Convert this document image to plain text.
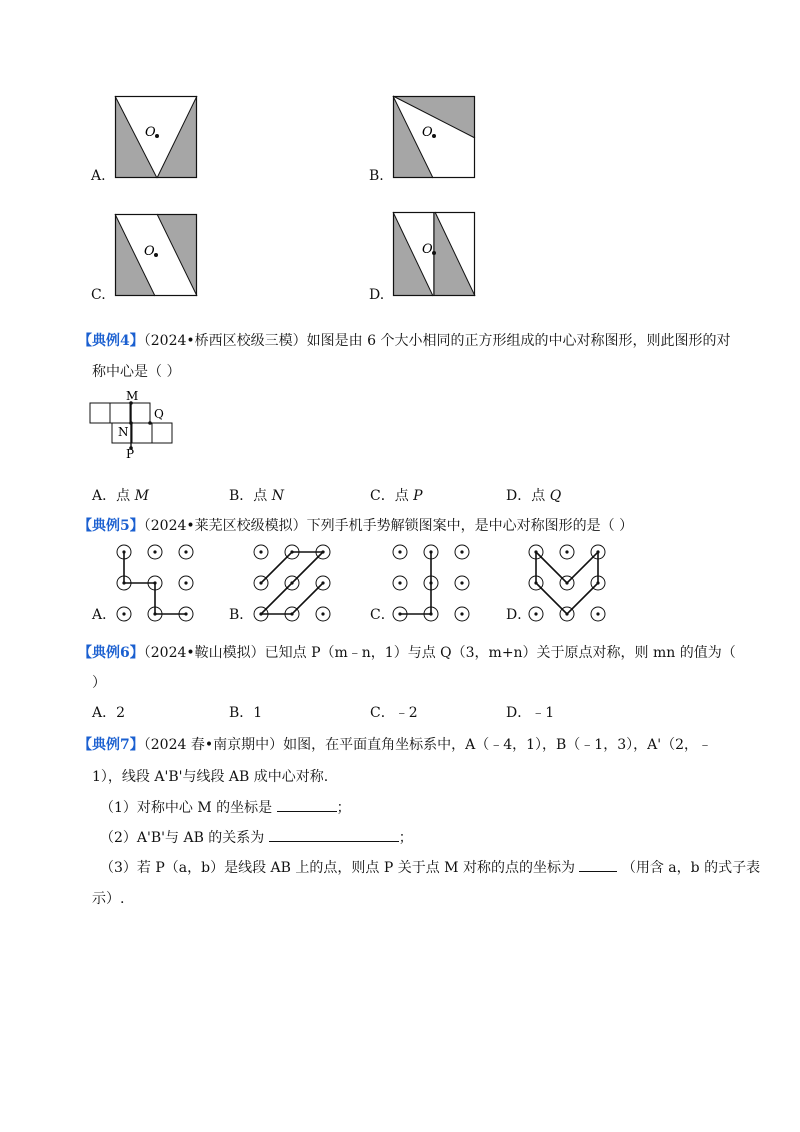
A.
O
B.
O
C.
O
D.
O
【典例4】（2024•桥西区校级三模）如图是由 6 个大小相同的正方形组成的中心对称图形，则此图形的对
称中心是（ ）
M
N
P
Q
A．点 M	B．点 N	C．点 P	D．点 Q
【典例5】（2024•莱芜区校级模拟）下列手机手势解锁图案中，是中心对称图形的是（ ）
A．	B．	C．	D．
【典例6】（2024•鞍山模拟）已知点 P（m﹣n，1）与点 Q（3，m+n）关于原点对称，则 mn 的值为（
）
A．2	B．1	C．﹣2	D．﹣1
【典例7】（2024 春•南京期中）如图，在平面直角坐标系中，A（﹣4，1），B（﹣1，3），A'（2，﹣
1），线段 A'B'与线段 AB 成中心对称.
（1）对称中心 M 的坐标是	；
（2）A'B'与 AB 的关系为	；
（3）若 P（a，b）是线段 AB 上的点，则点 P 关于点 M 对称的点的坐标为	（用含 a，b 的式子表
示）.
